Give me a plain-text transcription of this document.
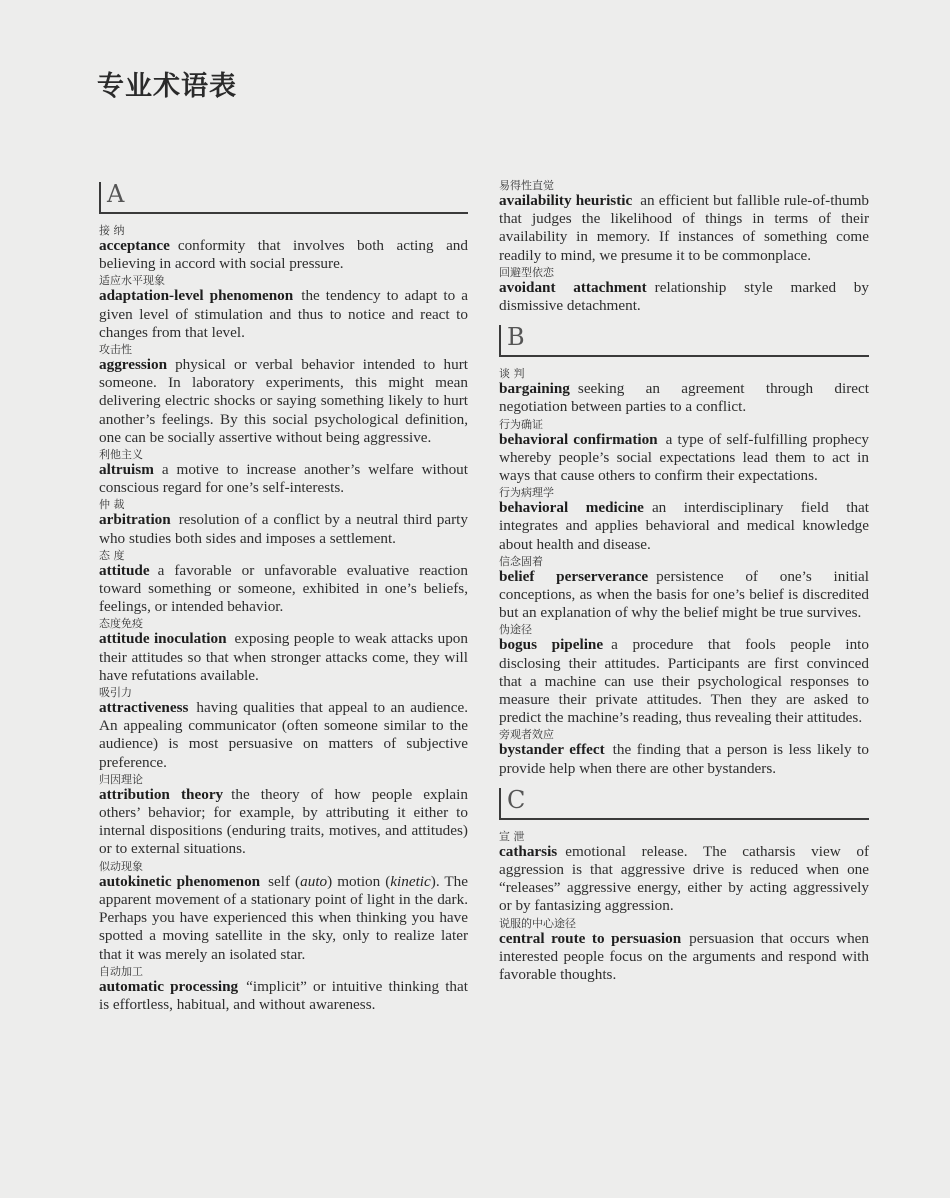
专业术语表
A
接 纳

acceptance conformity that involves both acting and believing in accord with social pressure.

适应水平现象

adaptation-level phenomenon the tendency to adapt to a given level of stimulation and thus to notice and react to changes from that level.

攻击性

aggression physical or verbal behavior intended to hurt someone. In laboratory experiments, this might mean delivering electric shocks or saying something likely to hurt another’s feelings. By this social psychological definition, one can be socially assertive without being aggressive.

利他主义

altruism a motive to increase another’s welfare without conscious regard for one’s self-interests.

仲 裁

arbitration resolution of a conflict by a neutral third party who studies both sides and imposes a settlement.

态 度

attitude a favorable or unfavorable evaluative reaction toward something or someone, exhibited in one’s beliefs, feelings, or intended behavior.

态度免疫

attitude inoculation exposing people to weak attacks upon their attitudes so that when stronger attacks come, they will have refutations available.

吸引力

attractiveness having qualities that appeal to an audience. An appealing communicator (often someone similar to the audience) is most persuasive on matters of subjective preference.

归因理论

attribution theory the theory of how people explain others’ behavior; for example, by attributing it either to internal dispositions (enduring traits, motives, and attitudes) or to external situations.

似动现象

autokinetic phenomenon self (auto) motion (kinetic). The apparent movement of a stationary point of light in the dark. Perhaps you have experienced this when thinking you have spotted a moving satellite in the sky, only to realize later that it was merely an isolated star.

自动加工

automatic processing “implicit” or intuitive thinking that is effortless, habitual, and without awareness.

易得性直觉

availability heuristic an efficient but fallible rule-of-thumb that judges the likelihood of things in terms of their availability in memory. If instances of something come readily to mind, we presume it to be commonplace.

回避型依恋

avoidant attachment relationship style marked by dismissive detachment.

B
谈 判

bargaining seeking an agreement through direct negotiation between parties to a conflict.

行为确证

behavioral confirmation a type of self-fulfilling prophecy whereby people’s social expectations lead them to act in ways that cause others to confirm their expectations.

行为病理学

behavioral medicine an interdisciplinary field that integrates and applies behavioral and medical knowledge about health and disease.

信念固着

belief perserverance persistence of one’s initial conceptions, as when the basis for one’s belief is discredited but an explanation of why the belief might be true survives.

伪途径

bogus pipeline a procedure that fools people into disclosing their attitudes. Participants are first convinced that a machine can use their psychological responses to measure their private attitudes. Then they are asked to predict the machine’s reading, thus revealing their attitudes.

旁观者效应

bystander effect the finding that a person is less likely to provide help when there are other bystanders.

C
宣 泄

catharsis emotional release. The catharsis view of aggression is that aggressive drive is reduced when one “releases” aggressive energy, either by acting aggressively or by fantasizing aggression.

说服的中心途径

central route to persuasion persuasion that occurs when interested people focus on the arguments and respond with favorable thoughts.
